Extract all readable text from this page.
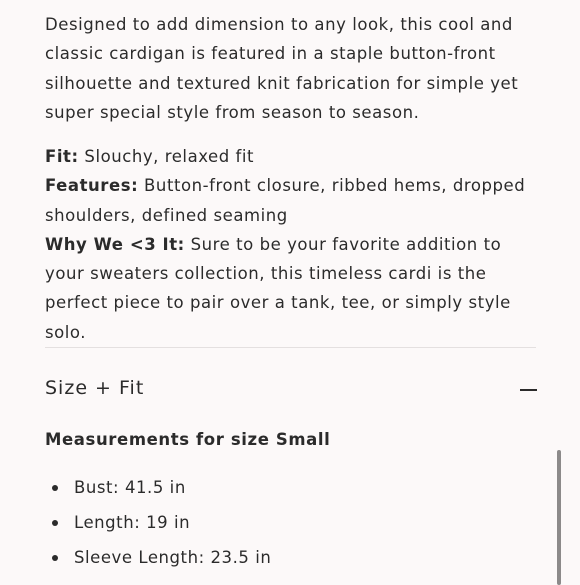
Designed to add dimension to any look, this cool and classic cardigan is featured in a staple button-front silhouette and textured knit fabrication for simple yet super special style from season to season.

Fit: Slouchy, relaxed fit
Features: Button-front closure, ribbed hems, dropped shoulders, defined seaming
Why We <3 It: Sure to be your favorite addition to your sweaters collection, this timeless cardi is the perfect piece to pair over a tank, tee, or simply style solo.

Size + Fit
Measurements for size Small
Bust: 41.5 in
Length: 19 in
Sleeve Length: 23.5 in
